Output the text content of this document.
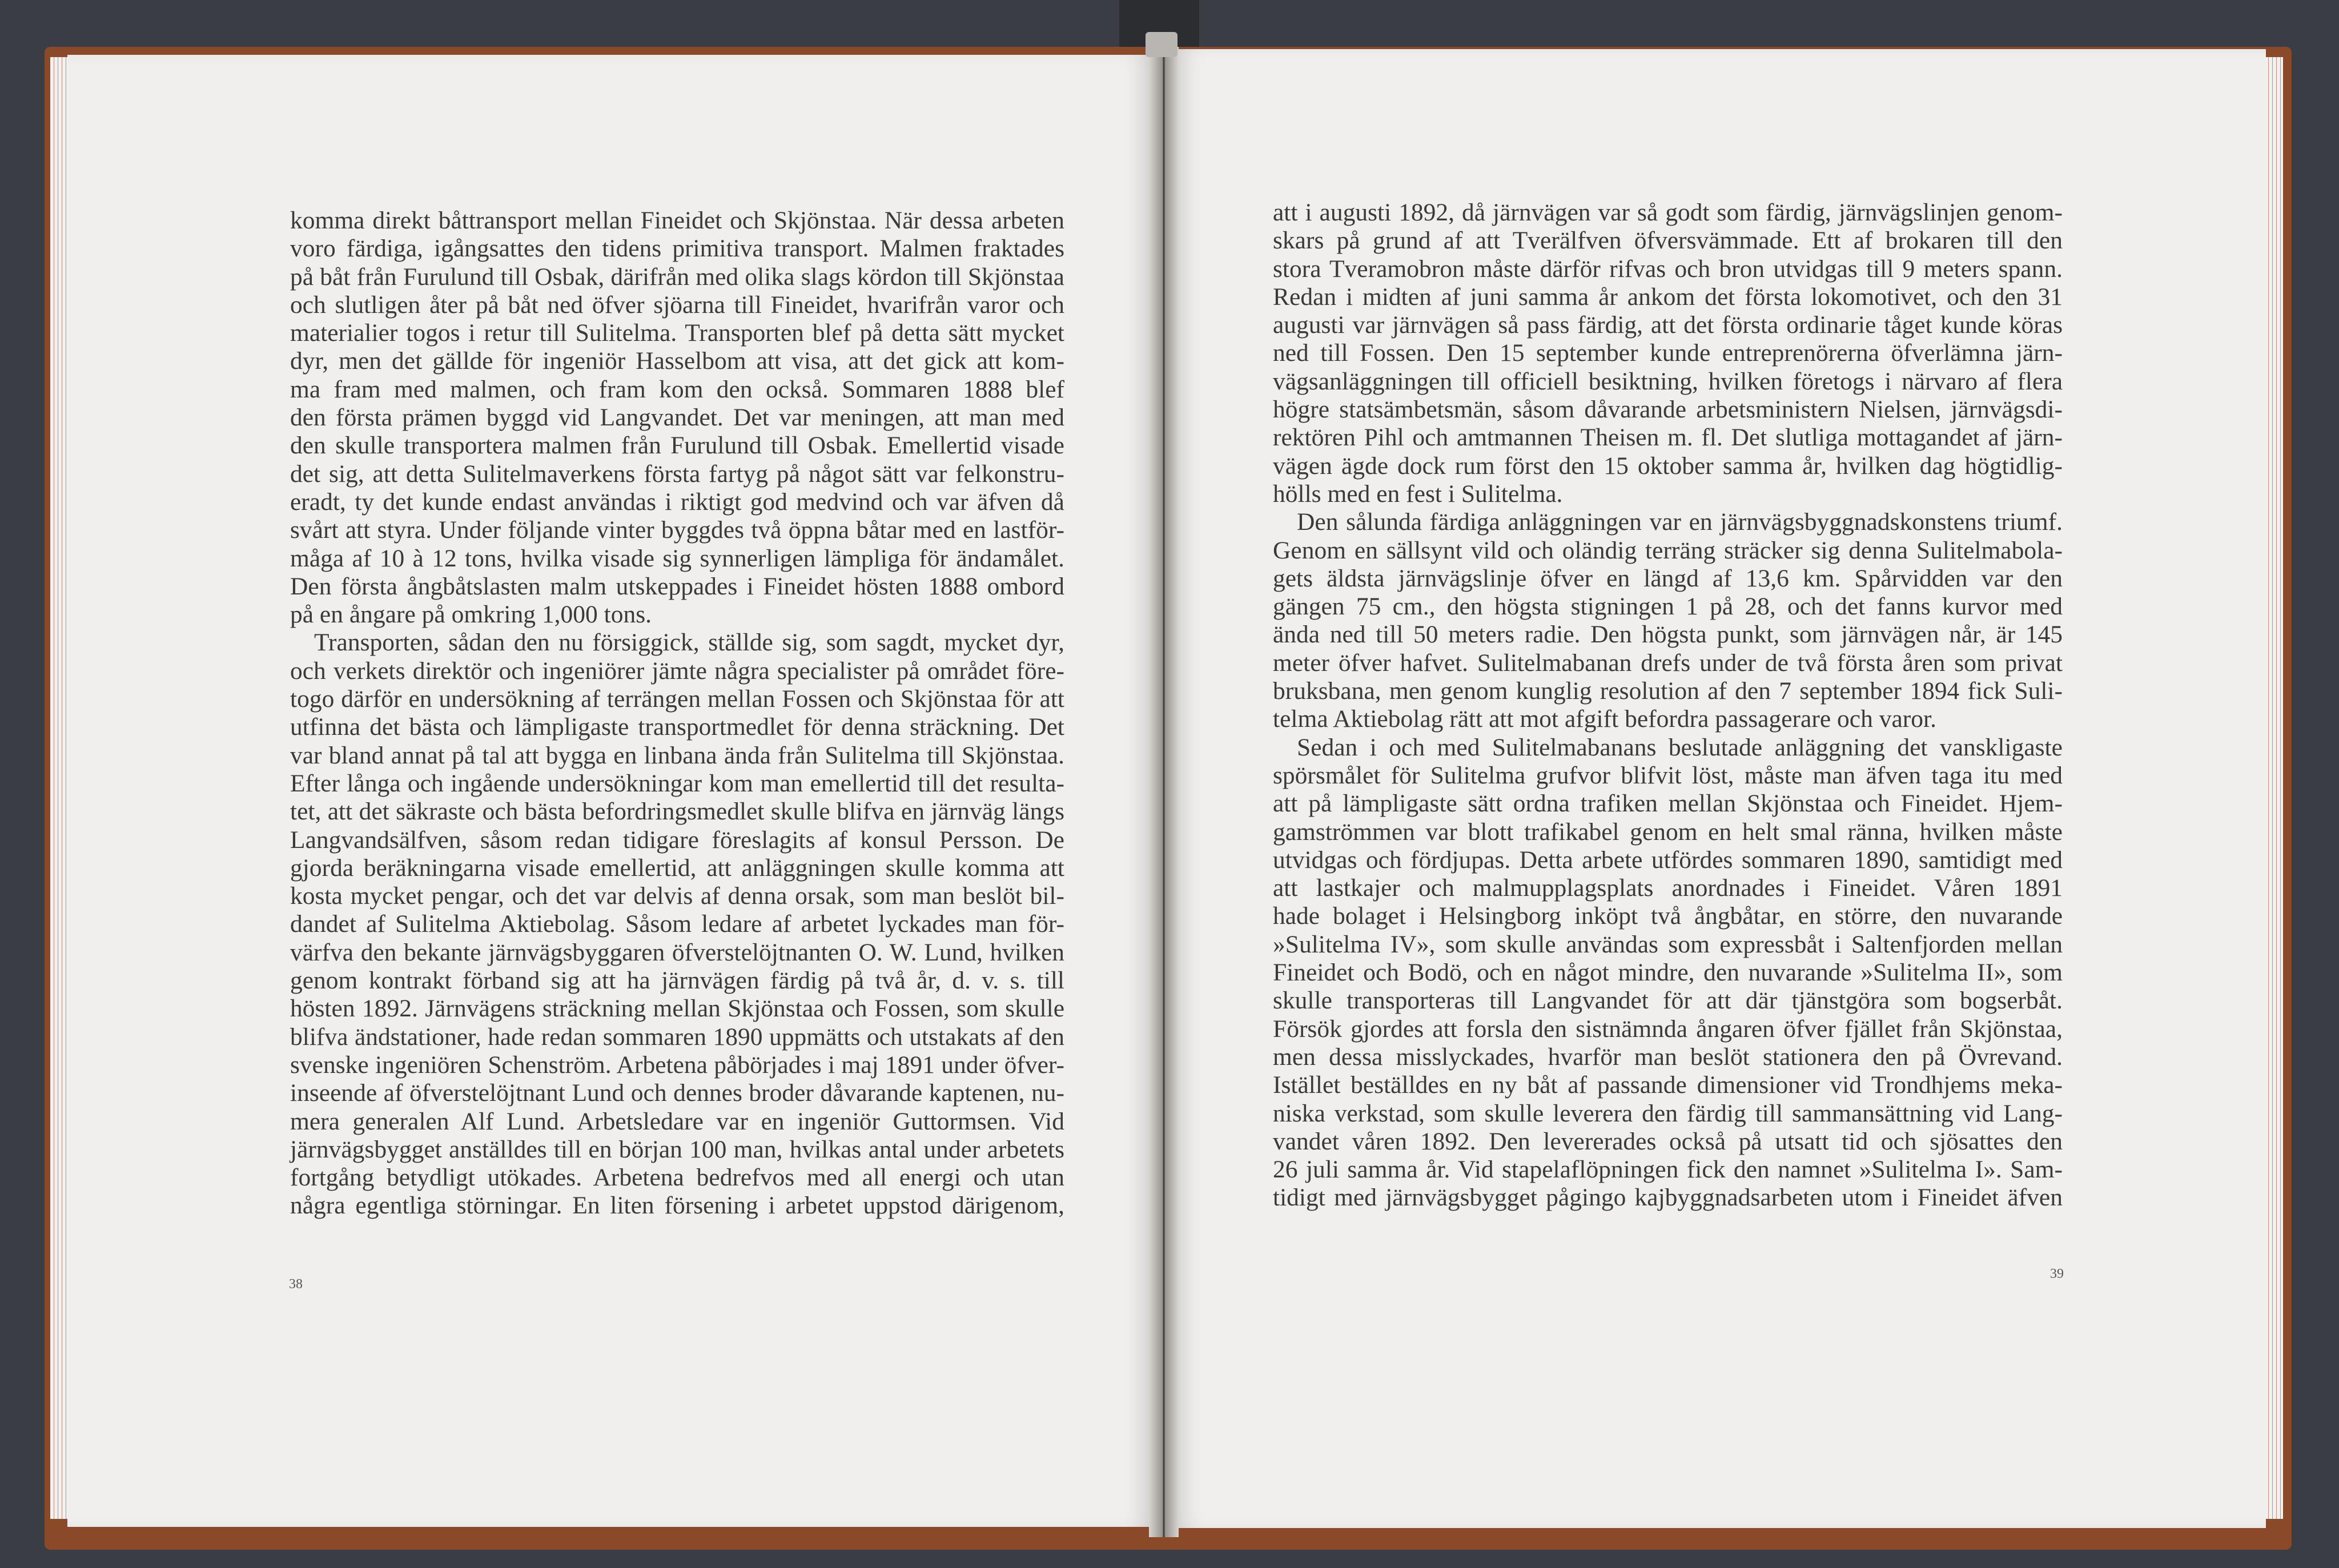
komma direkt båttransport mellan Fineidet och Skjönstaa. När dessa arbeten
voro färdiga, igångsattes den tidens primitiva transport. Malmen fraktades
på båt från Furulund till Osbak, därifrån med olika slags kördon till Skjönstaa
och slutligen åter på båt ned öfver sjöarna till Fineidet, hvarifrån varor och
materialier togos i retur till Sulitelma. Transporten blef på detta sätt mycket
dyr, men det gällde för ingeniör Hasselbom att visa, att det gick att kom-
ma fram med malmen, och fram kom den också. Sommaren 1888 blef
den första prämen byggd vid Langvandet. Det var meningen, att man med
den skulle transportera malmen från Furulund till Osbak. Emellertid visade
det sig, att detta Sulitelmaverkens första fartyg på något sätt var felkonstru-
eradt, ty det kunde endast användas i riktigt god medvind och var äfven då
svårt att styra. Under följande vinter byggdes två öppna båtar med en lastför-
måga af 10 à 12 tons, hvilka visade sig synnerligen lämpliga för ändamålet.
Den första ångbåtslasten malm utskeppades i Fineidet hösten 1888 ombord
på en ångare på omkring 1,000 tons.
Transporten, sådan den nu försiggick, ställde sig, som sagdt, mycket dyr,
och verkets direktör och ingeniörer jämte några specialister på området före-
togo därför en undersökning af terrängen mellan Fossen och Skjönstaa för att
utfinna det bästa och lämpligaste transportmedlet för denna sträckning. Det
var bland annat på tal att bygga en linbana ända från Sulitelma till Skjönstaa.
Efter långa och ingående undersökningar kom man emellertid till det resulta-
tet, att det säkraste och bästa befordringsmedlet skulle blifva en järnväg längs
Langvandsälfven, såsom redan tidigare föreslagits af konsul Persson. De
gjorda beräkningarna visade emellertid, att anläggningen skulle komma att
kosta mycket pengar, och det var delvis af denna orsak, som man beslöt bil-
dandet af Sulitelma Aktiebolag. Såsom ledare af arbetet lyckades man för-
värfva den bekante järnvägsbyggaren öfverstelöjtnanten O. W. Lund, hvilken
genom kontrakt förband sig att ha järnvägen färdig på två år, d. v. s. till
hösten 1892. Järnvägens sträckning mellan Skjönstaa och Fossen, som skulle
blifva ändstationer, hade redan sommaren 1890 uppmätts och utstakats af den
svenske ingeniören Schenström. Arbetena påbörjades i maj 1891 under öfver-
inseende af öfverstelöjtnant Lund och dennes broder dåvarande kaptenen, nu-
mera generalen Alf Lund. Arbetsledare var en ingeniör Guttormsen. Vid
järnvägsbygget anställdes till en början 100 man, hvilkas antal under arbetets
fortgång betydligt utökades. Arbetena bedrefvos med all energi och utan
några egentliga störningar. En liten försening i arbetet uppstod därigenom,
att i augusti 1892, då järnvägen var så godt som färdig, järnvägslinjen genom-
skars på grund af att Tverälfven öfversvämmade. Ett af brokaren till den
stora Tveramobron måste därför rifvas och bron utvidgas till 9 meters spann.
Redan i midten af juni samma år ankom det första lokomotivet, och den 31
augusti var järnvägen så pass färdig, att det första ordinarie tåget kunde köras
ned till Fossen. Den 15 september kunde entreprenörerna öfverlämna järn-
vägsanläggningen till officiell besiktning, hvilken företogs i närvaro af flera
högre statsämbetsmän, såsom dåvarande arbetsministern Nielsen, järnvägsdi-
rektören Pihl och amtmannen Theisen m. fl. Det slutliga mottagandet af järn-
vägen ägde dock rum först den 15 oktober samma år, hvilken dag högtidlig-
hölls med en fest i Sulitelma.
Den sålunda färdiga anläggningen var en järnvägsbyggnadskonstens triumf.
Genom en sällsynt vild och oländig terräng sträcker sig denna Sulitelmabola-
gets äldsta järnvägslinje öfver en längd af 13,6 km. Spårvidden var den
gängen 75 cm., den högsta stigningen 1 på 28, och det fanns kurvor med
ända ned till 50 meters radie. Den högsta punkt, som järnvägen når, är 145
meter öfver hafvet. Sulitelmabanan drefs under de två första åren som privat
bruksbana, men genom kunglig resolution af den 7 september 1894 fick Suli-
telma Aktiebolag rätt att mot afgift befordra passagerare och varor.
Sedan i och med Sulitelmabanans beslutade anläggning det vanskligaste
spörsmålet för Sulitelma grufvor blifvit löst, måste man äfven taga itu med
att på lämpligaste sätt ordna trafiken mellan Skjönstaa och Fineidet. Hjem-
gamströmmen var blott trafikabel genom en helt smal ränna, hvilken måste
utvidgas och fördjupas. Detta arbete utfördes sommaren 1890, samtidigt med
att lastkajer och malmupplagsplats anordnades i Fineidet. Våren 1891
hade bolaget i Helsingborg inköpt två ångbåtar, en större, den nuvarande
»Sulitelma IV», som skulle användas som expressbåt i Saltenfjorden mellan
Fineidet och Bodö, och en något mindre, den nuvarande »Sulitelma II», som
skulle transporteras till Langvandet för att där tjänstgöra som bogserbåt.
Försök gjordes att forsla den sistnämnda ångaren öfver fjället från Skjönstaa,
men dessa misslyckades, hvarför man beslöt stationera den på Övrevand.
Istället beställdes en ny båt af passande dimensioner vid Trondhjems meka-
niska verkstad, som skulle leverera den färdig till sammansättning vid Lang-
vandet våren 1892. Den levererades också på utsatt tid och sjösattes den
26 juli samma år. Vid stapelaflöpningen fick den namnet »Sulitelma I». Sam-
tidigt med järnvägsbygget pågingo kajbyggnadsarbeten utom i Fineidet äfven
38
39
